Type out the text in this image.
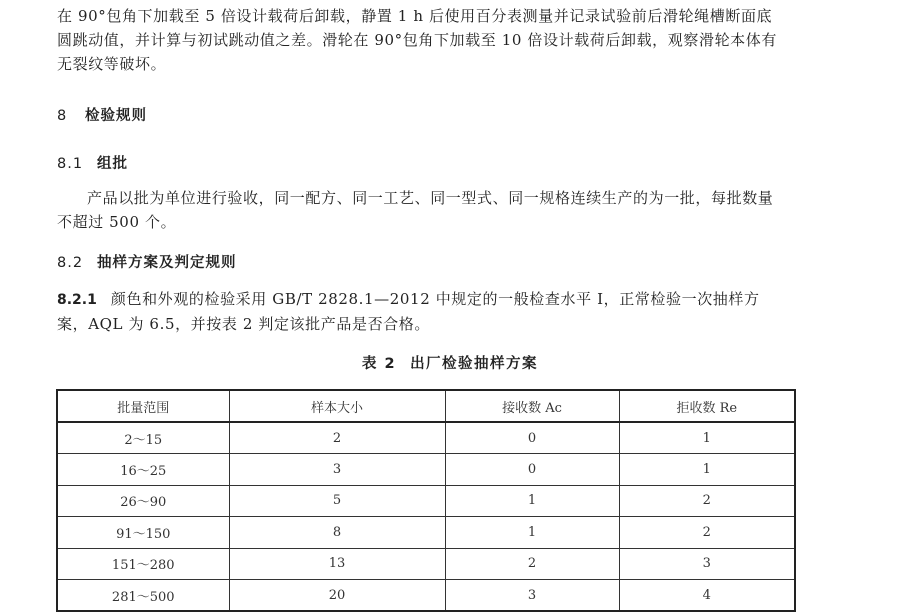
在 90°包角下加载至 5 倍设计载荷后卸载，静置 1 h 后使用百分表测量并记录试验前后滑轮绳槽断面底
圆跳动值，并计算与初试跳动值之差。滑轮在 90°包角下加载至 10 倍设计载荷后卸载，观察滑轮本体有
无裂纹等破坏。

8 检验规则
8.1 组批

产品以批为单位进行验收，同一配方、同一工艺、同一型式、同一规格连续生产的为一批，每批数量
不超过 500 个。

8.2 抽样方案及判定规则

8.2.1 颜色和外观的检验采用 GB/T 2828.1—2012 中规定的一般检查水平 Ⅰ，正常检验一次抽样方
案，AQL 为 6.5，并按表 2 判定该批产品是否合格。

表 2 出厂检验抽样方案

批量范围	样本大小	接收数 Ac	拒收数 Re
2～15	2	0	1
16～25	3	0	1
26～90	5	1	2
91～150	8	1	2
151～280	13	2	3
281～500	20	3	4
